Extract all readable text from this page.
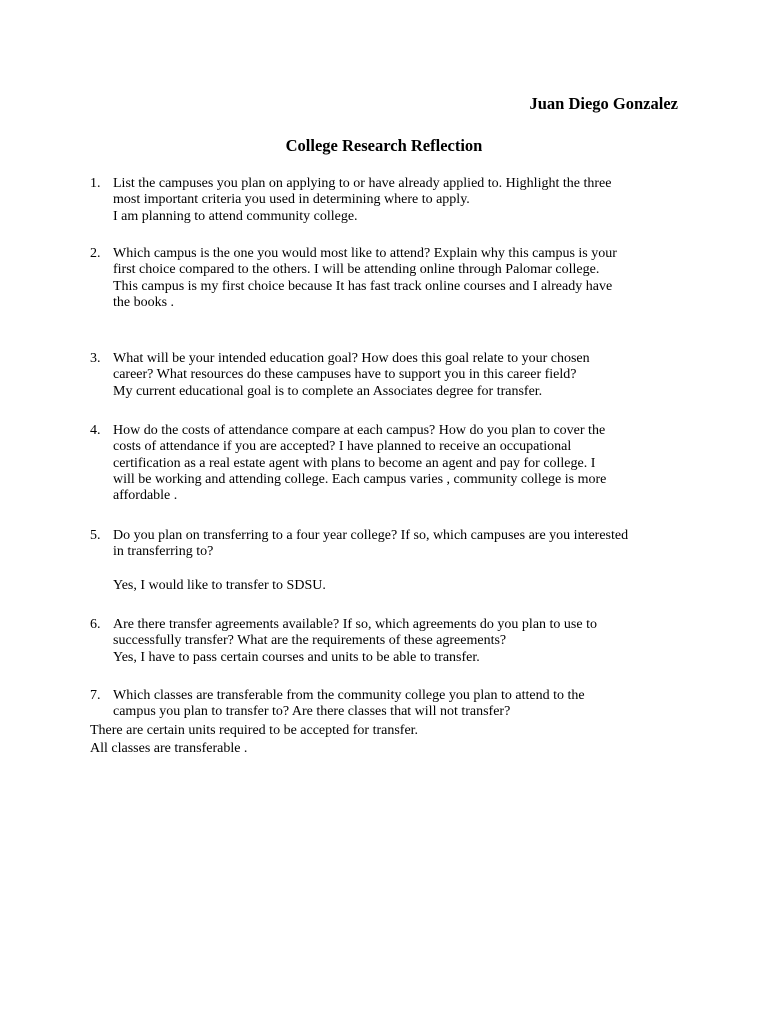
Juan Diego Gonzalez
College Research Reflection
1. List the campuses you plan on applying to or have already applied to. Highlight the three
most important criteria you used in determining where to apply.
I am planning to attend community college.
2. Which campus is the one you would most like to attend? Explain why this campus is your
first choice compared to the others. I will be attending online through Palomar college.
This campus is my first choice because It has fast track online courses and I already have
the books .
3. What will be your intended education goal? How does this goal relate to your chosen
career? What resources do these campuses have to support you in this career field?
My current educational goal is to complete an Associates degree for transfer.
4. How do the costs of attendance compare at each campus? How do you plan to cover the
costs of attendance if you are accepted? I have planned to receive an occupational
certification as a real estate agent with plans to become an agent and pay for college. I
will be working and attending college. Each campus varies , community college is more
affordable .
5. Do you plan on transferring to a four year college? If so, which campuses are you interested
in transferring to?
Yes, I would like to transfer to SDSU.
6. Are there transfer agreements available? If so, which agreements do you plan to use to
successfully transfer? What are the requirements of these agreements?
Yes, I have to pass certain courses and units to be able to transfer.
7. Which classes are transferable from the community college you plan to attend to the
campus you plan to transfer to? Are there classes that will not transfer?
There are certain units required to be accepted for transfer.
All classes are transferable .
